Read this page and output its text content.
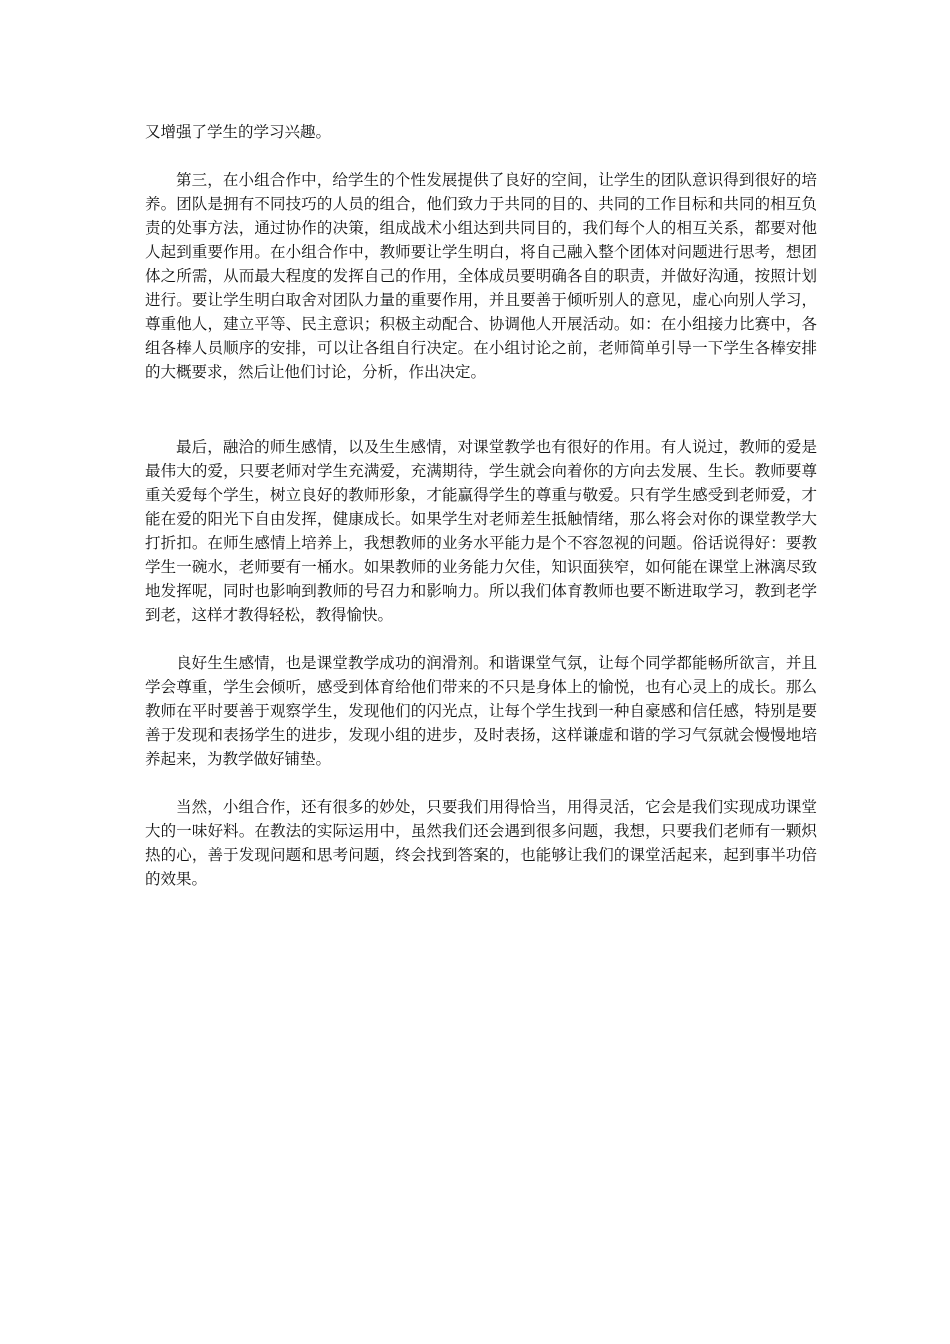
又增强了学生的学习兴趣。

第三，在小组合作中，给学生的个性发展提供了良好的空间，让学生的团队意识得到很好的培养。团队是拥有不同技巧的人员的组合，他们致力于共同的目的、共同的工作目标和共同的相互负责的处事方法，通过协作的决策，组成战术小组达到共同目的，我们每个人的相互关系，都要对他人起到重要作用。在小组合作中，教师要让学生明白，将自己融入整个团体对问题进行思考，想团体之所需，从而最大程度的发挥自己的作用，全体成员要明确各自的职责，并做好沟通，按照计划进行。要让学生明白取舍对团队力量的重要作用，并且要善于倾听别人的意见，虚心向别人学习，尊重他人，建立平等、民主意识；积极主动配合、协调他人开展活动。如：在小组接力比赛中，各组各棒人员顺序的安排，可以让各组自行决定。在小组讨论之前，老师简单引导一下学生各棒安排的大概要求，然后让他们讨论，分析，作出决定。

最后，融洽的师生感情，以及生生感情，对课堂教学也有很好的作用。有人说过，教师的爱是最伟大的爱，只要老师对学生充满爱，充满期待，学生就会向着你的方向去发展、生长。教师要尊重关爱每个学生，树立良好的教师形象，才能赢得学生的尊重与敬爱。只有学生感受到老师爱，才能在爱的阳光下自由发挥，健康成长。如果学生对老师差生抵触情绪，那么将会对你的课堂教学大打折扣。在师生感情上培养上，我想教师的业务水平能力是个不容忽视的问题。俗话说得好：要教学生一碗水，老师要有一桶水。如果教师的业务能力欠佳，知识面狭窄，如何能在课堂上淋漓尽致地发挥呢，同时也影响到教师的号召力和影响力。所以我们体育教师也要不断进取学习，教到老学到老，这样才教得轻松，教得愉快。

良好生生感情，也是课堂教学成功的润滑剂。和谐课堂气氛，让每个同学都能畅所欲言，并且学会尊重，学生会倾听，感受到体育给他们带来的不只是身体上的愉悦，也有心灵上的成长。那么教师在平时要善于观察学生，发现他们的闪光点，让每个学生找到一种自豪感和信任感，特别是要善于发现和表扬学生的进步，发现小组的进步，及时表扬，这样谦虚和谐的学习气氛就会慢慢地培养起来，为教学做好铺垫。

当然，小组合作，还有很多的妙处，只要我们用得恰当，用得灵活，它会是我们实现成功课堂大的一味好料。在教法的实际运用中，虽然我们还会遇到很多问题，我想，只要我们老师有一颗炽热的心，善于发现问题和思考问题，终会找到答案的，也能够让我们的课堂活起来，起到事半功倍的效果。
